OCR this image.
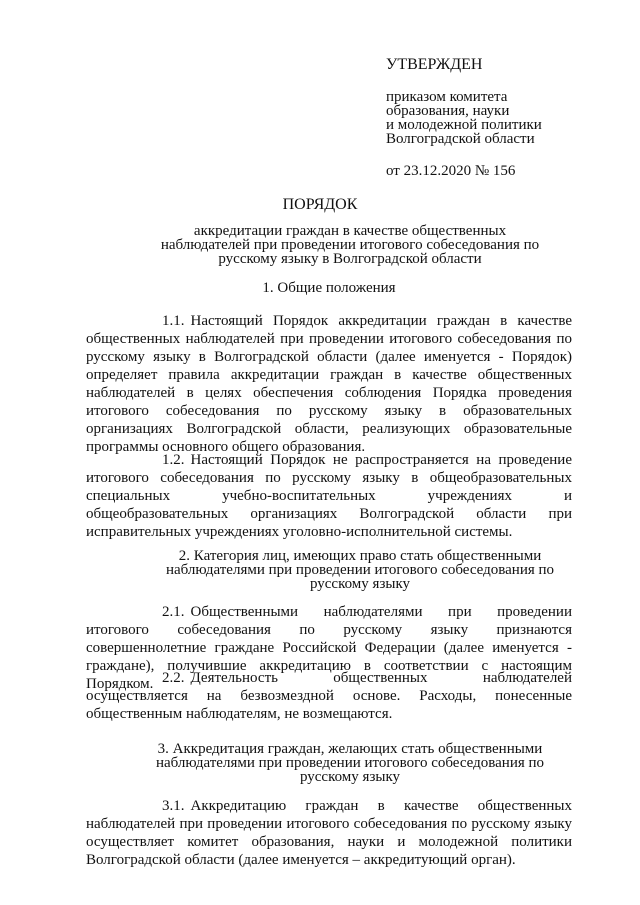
УТВЕРЖДЕН
приказом комитета
образования, науки
и молодежной политики
Волгоградской области
от 23.12.2020 № 156
ПОРЯДОК
аккредитации граждан в качестве общественных наблюдателей при проведении итогового собеседования по русскому языку в Волгоградской области
1. Общие положения

1.1. Настоящий Порядок аккредитации граждан в качестве общественных наблюдателей при проведении итогового собеседования по русскому языку в Волгоградской области (далее именуется - Порядок) определяет правила аккредитации граждан в качестве общественных наблюдателей в целях обеспечения соблюдения Порядка проведения итогового собеседования по русскому языку в образовательных организациях Волгоградской области, реализующих образовательные программы основного общего образования.

1.2. Настоящий Порядок не распространяется на проведение итогового собеседования по русскому языку в общеобразовательных специальных учебно-воспитательных учреждениях и общеобразовательных организациях Волгоградской области при исправительных учреждениях уголовно-исполнительной системы.

2. Категория лиц, имеющих право стать общественными наблюдателями при проведении итогового собеседования по русскому языку

2.1. Общественными наблюдателями при проведении итогового собеседования по русскому языку признаются совершеннолетние граждане Российской Федерации (далее именуется - граждане), получившие аккредитацию в соответствии с настоящим Порядком. 2.2. Деятельность общественных наблюдателей осуществляется на безвозмездной основе. Расходы, понесенные общественным наблюдателям, не возмещаются.

3. Аккредитация граждан, желающих стать общественными наблюдателями при проведении итогового собеседования по русскому языку

3.1. Аккредитацию граждан в качестве общественных наблюдателей при проведении итогового собеседования по русскому языку осуществляет комитет образования, науки и молодежной политики Волгоградской области (далее именуется – аккредитующий орган).
